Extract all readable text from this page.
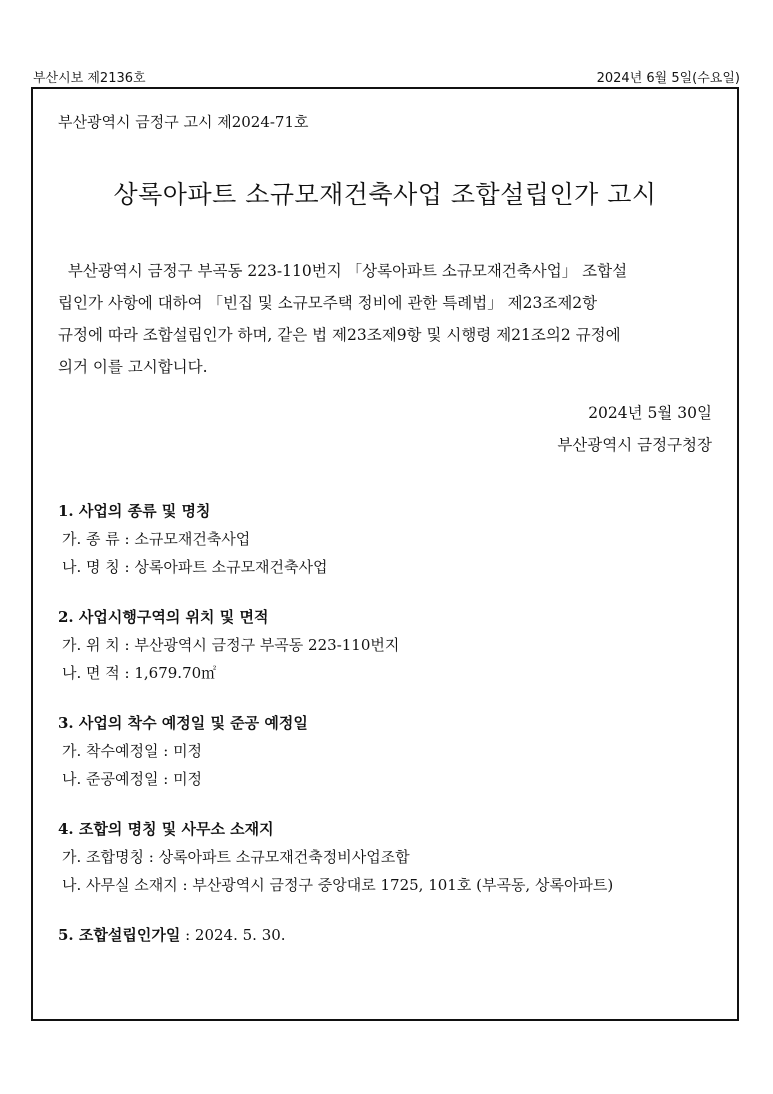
부산시보 제2136호	2024년 6월 5일(수요일)
부산광역시 금정구 고시 제2024-71호
상록아파트 소규모재건축사업 조합설립인가 고시
부산광역시 금정구 부곡동 223-110번지 「상록아파트 소규모재건축사업」 조합설
립인가 사항에 대하여 「빈집 및 소규모주택 정비에 관한 특례법」 제23조제2항
규정에 따라 조합설립인가 하며, 같은 법 제23조제9항 및 시행령 제21조의2 규정에
의거 이를 고시합니다.
2024년 5월 30일
부산광역시 금정구청장
1. 사업의 종류 및 명칭
가. 종 류 : 소규모재건축사업
나. 명 칭 : 상록아파트 소규모재건축사업
2. 사업시행구역의 위치 및 면적
가. 위 치 : 부산광역시 금정구 부곡동 223-110번지
나. 면 적 : 1,679.70㎡
3. 사업의 착수 예정일 및 준공 예정일
가. 착수예정일 : 미정
나. 준공예정일 : 미정
4. 조합의 명칭 및 사무소 소재지
가. 조합명칭 : 상록아파트 소규모재건축정비사업조합
나. 사무실 소재지 : 부산광역시 금정구 중앙대로 1725, 101호 (부곡동, 상록아파트)
5. 조합설립인가일 : 2024. 5. 30.
